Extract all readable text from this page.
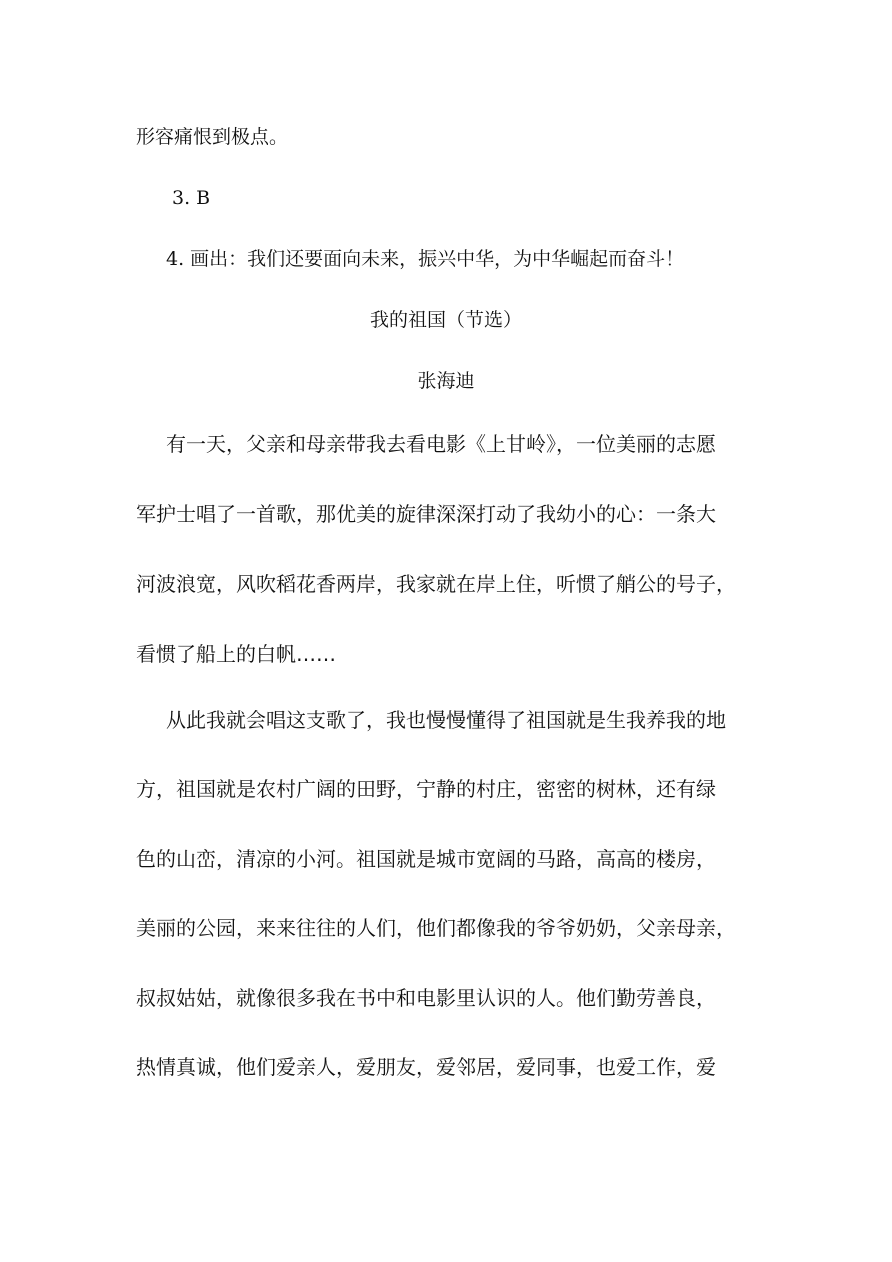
形容痛恨到极点。
3. B
4. 画出：我们还要面向未来，振兴中华，为中华崛起而奋斗！
我的祖国（节选）
张海迪
有一天，父亲和母亲带我去看电影《上甘岭》，一位美丽的志愿
军护士唱了一首歌，那优美的旋律深深打动了我幼小的心：一条大
河波浪宽，风吹稻花香两岸，我家就在岸上住，听惯了艄公的号子，
看惯了船上的白帆……
从此我就会唱这支歌了，我也慢慢懂得了祖国就是生我养我的地
方，祖国就是农村广阔的田野，宁静的村庄，密密的树林，还有绿
色的山峦，清凉的小河。祖国就是城市宽阔的马路，高高的楼房，
美丽的公园，来来往往的人们，他们都像我的爷爷奶奶，父亲母亲，
叔叔姑姑，就像很多我在书中和电影里认识的人。他们勤劳善良，
热情真诚，他们爱亲人，爱朋友，爱邻居，爱同事，也爱工作，爱
